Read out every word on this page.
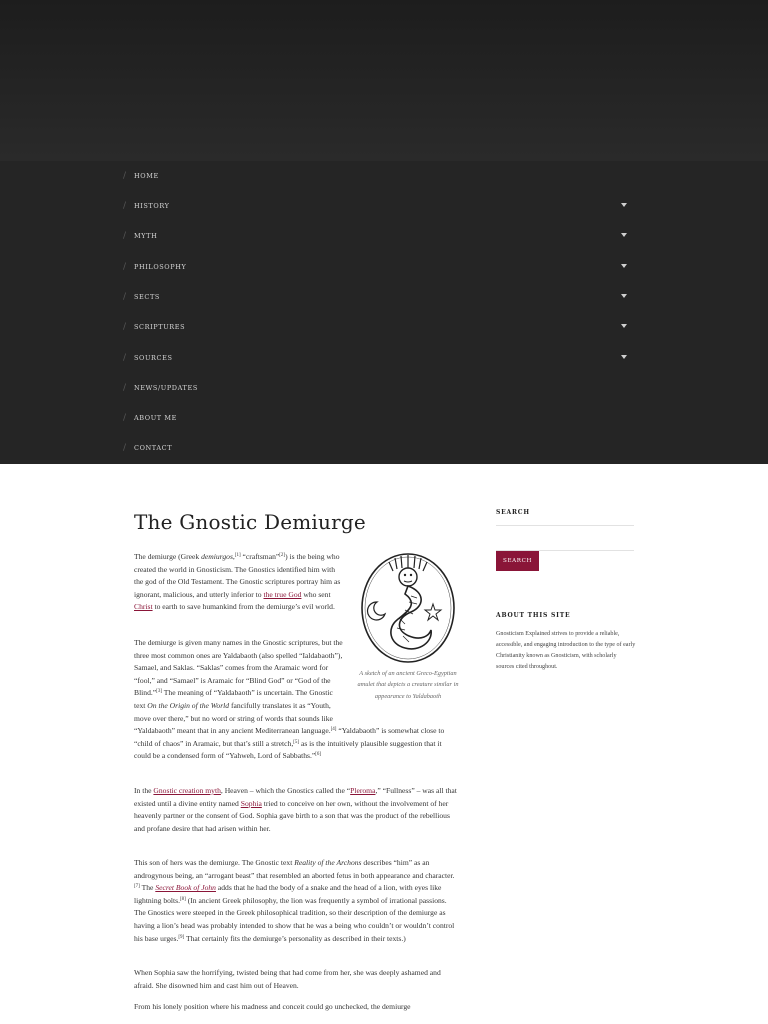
/	HOME
/	HISTORY
/	MYTH
/	PHILOSOPHY
/	SECTS
/	SCRIPTURES
/	SOURCES
/	NEWS/UPDATES
/	ABOUT ME
/	CONTACT
The Gnostic Demiurge
A sketch of an ancient Greco-Egyptian amulet that depicts a creature similar in appearance to Yaldabaoth

The demiurge (Greek demiurgos,[1] “craftsman”[2]) is the being who created the world in Gnosticism. The Gnostics identified him with the god of the Old Testament. The Gnostic scriptures portray him as ignorant, malicious, and utterly inferior to the true God who sent Christ to earth to save humankind from the demiurge’s evil world.

The demiurge is given many names in the Gnostic scriptures, but the three most common ones are Yaldabaoth (also spelled “Ialdabaoth”), Samael, and Saklas. “Saklas” comes from the Aramaic word for “fool,” and “Samael” is Aramaic for “Blind God” or “God of the Blind.”[3] The meaning of “Yaldabaoth” is uncertain. The Gnostic text On the Origin of the World fancifully translates it as “Youth, move over there,” but no word or string of words that sounds like “Yaldabaoth” meant that in any ancient Mediterranean language.[4] “Yaldabaoth” is somewhat close to “child of chaos” in Aramaic, but that’s still a stretch,[5] as is the intuitively plausible suggestion that it could be a condensed form of “Yahweh, Lord of Sabbaths.”[6]

In the Gnostic creation myth, Heaven – which the Gnostics called the “Pleroma,” “Fullness” – was all that existed until a divine entity named Sophia tried to conceive on her own, without the involvement of her heavenly partner or the consent of God. Sophia gave birth to a son that was the product of the rebellious and profane desire that had arisen within her.

This son of hers was the demiurge. The Gnostic text Reality of the Archons describes “him” as an androgynous being, an “arrogant beast” that resembled an aborted fetus in both appearance and character.[7] The Secret Book of John adds that he had the body of a snake and the head of a lion, with eyes like lightning bolts.[8] (In ancient Greek philosophy, the lion was frequently a symbol of irrational passions. The Gnostics were steeped in the Greek philosophical tradition, so their description of the demiurge as having a lion’s head was probably intended to show that he was a being who couldn’t or wouldn’t control his base urges.[9] That certainly fits the demiurge’s personality as described in their texts.)

When Sophia saw the horrifying, twisted being that had come from her, she was deeply ashamed and afraid. She disowned him and cast him out of Heaven.

From his lonely position where his madness and conceit could go unchecked, the demiurge

SEARCH
SEARCH
ABOUT THIS SITE

Gnosticism Explained strives to provide a reliable, accessible, and engaging introduction to the type of early Christianity known as Gnosticism, with scholarly sources cited throughout.
